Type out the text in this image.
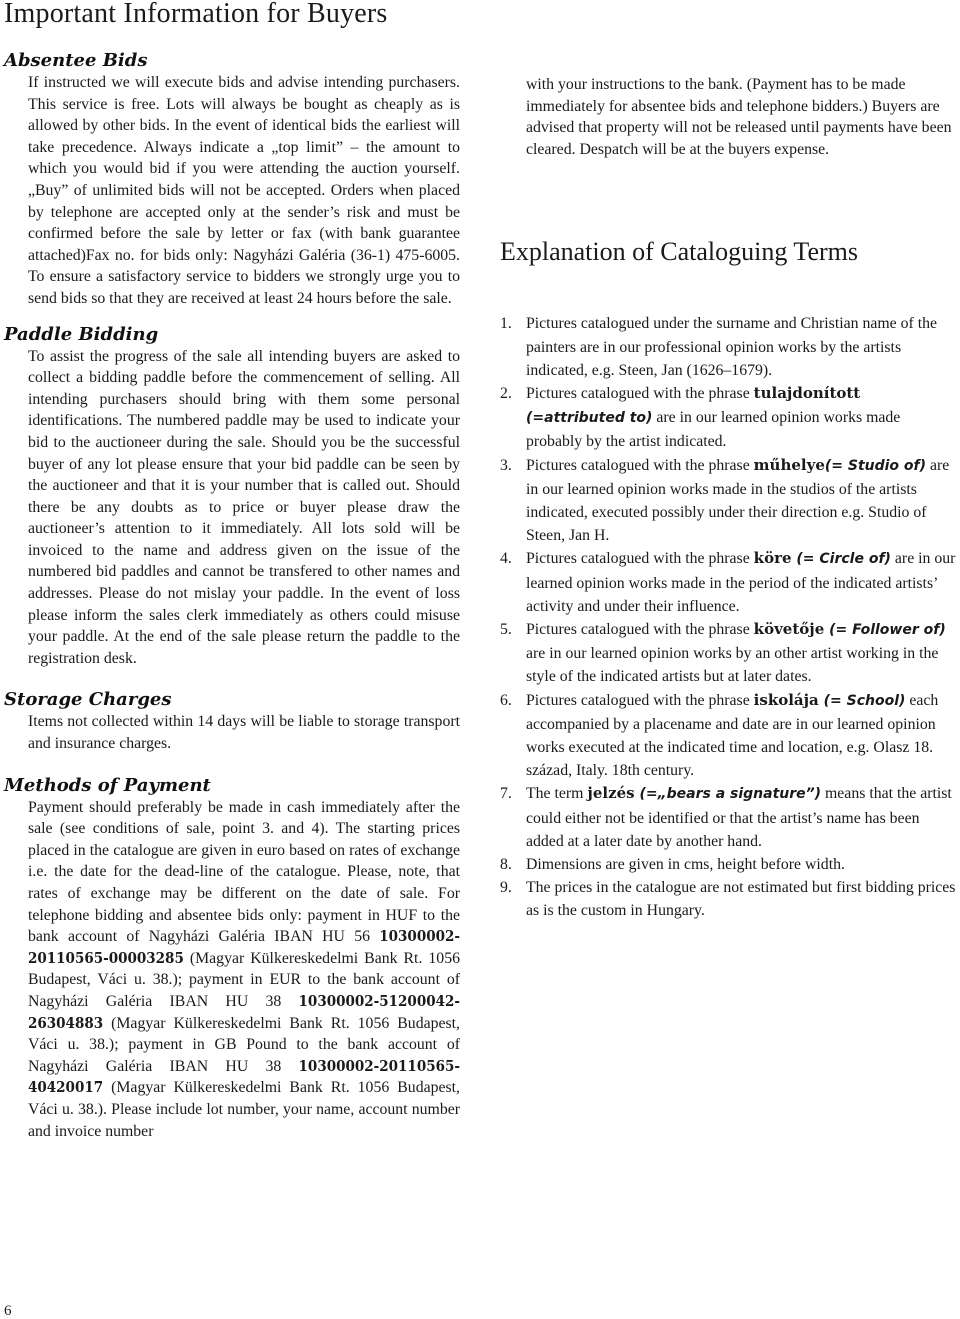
Important Information for Buyers
Absentee Bids

If instructed we will execute bids and advise intending purchasers. This service is free. Lots will always be bought as cheaply as is allowed by other bids. In the event of identical bids the earliest will take precedence. Always indicate a „top limit” – the amount to which you would bid if you were attending the auction yourself. „Buy” of unlimited bids will not be accepted. Orders when placed by telephone are accepted only at the sender’s risk and must be confirmed before the sale by letter or fax (with bank guarantee attached)Fax no. for bids only: Nagyházi Galéria (36-1) 475-6005. To ensure a satisfactory service to bidders we strongly urge you to send bids so that they are received at least 24 hours before the sale.

Paddle Bidding

To assist the progress of the sale all intending buyers are asked to collect a bidding paddle before the commencement of selling. All intending purchasers should bring with them some personal identifications. The numbered paddle may be used to indicate your bid to the auctioneer during the sale. Should you be the successful buyer of any lot please ensure that your bid paddle can be seen by the auctioneer and that it is your number that is called out. Should there be any doubts as to price or buyer please draw the auctioneer’s attention to it immediately. All lots sold will be invoiced to the name and address given on the issue of the numbered bid paddles and cannot be transfered to other names and addresses. Please do not mislay your paddle. In the event of loss please inform the sales clerk immediately as others could misuse your paddle. At the end of the sale please return the paddle to the registration desk.

Storage Charges

Items not collected within 14 days will be liable to storage transport and insurance charges.

Methods of Payment

Payment should preferably be made in cash immediately after the sale (see conditions of sale, point 3. and 4). The starting prices placed in the catalogue are given in euro based on rates of exchange i.e. the date for the dead-line of the catalogue. Please, note, that rates of exchange may be different on the date of sale. For telephone bidding and absentee bids only: payment in HUF to the bank account of Nagyházi Galéria IBAN HU 56 10300002-20110565-00003285 (Magyar Külkereskedelmi Bank Rt. 1056 Budapest, Váci u. 38.); payment in EUR to the bank account of Nagyházi Galéria IBAN HU 38 10300002-51200042-26304883 (Magyar Külkereskedelmi Bank Rt. 1056 Budapest, Váci u. 38.); payment in GB Pound to the bank account of Nagyházi Galéria IBAN HU 38 10300002-20110565-40420017 (Magyar Külkereskedelmi Bank Rt. 1056 Budapest, Váci u. 38.). Please include lot number, your name, account number and invoice number

with your instructions to the bank. (Payment has to be made immediately for absentee bids and telephone bidders.) Buyers are advised that property will not be released until payments have been cleared. Despatch will be at the buyers expense.

Explanation of Cataloguing Terms
1. Pictures catalogued under the surname and Christian name of the painters are in our professional opinion works by the artists indicated, e.g. Steen, Jan (1626–1679).
2. Pictures catalogued with the phrase tulajdonított (=attributed to) are in our learned opinion works made probably by the artist indicated.
3. Pictures catalogued with the phrase műhelye(= Studio of) are in our learned opinion works made in the studios of the artists indicated, executed possibly under their direction e.g. Studio of Steen, Jan H.
4. Pictures catalogued with the phrase köre (= Circle of) are in our learned opinion works made in the period of the indicated artists’ activity and under their influence.
5. Pictures catalogued with the phrase követője (= Follower of) are in our learned opinion works by an other artist working in the style of the indicated artists but at later dates.
6. Pictures catalogued with the phrase iskolája (= School) each accompanied by a placename and date are in our learned opinion works executed at the indicated time and location, e.g. Olasz 18. század, Italy. 18th century.
7. The term jelzés (=„bears a signature”) means that the artist could either not be identified or that the artist’s name has been added at a later date by another hand.
8. Dimensions are given in cms, height before width.
9. The prices in the catalogue are not estimated but first bidding prices as is the custom in Hungary.
6
